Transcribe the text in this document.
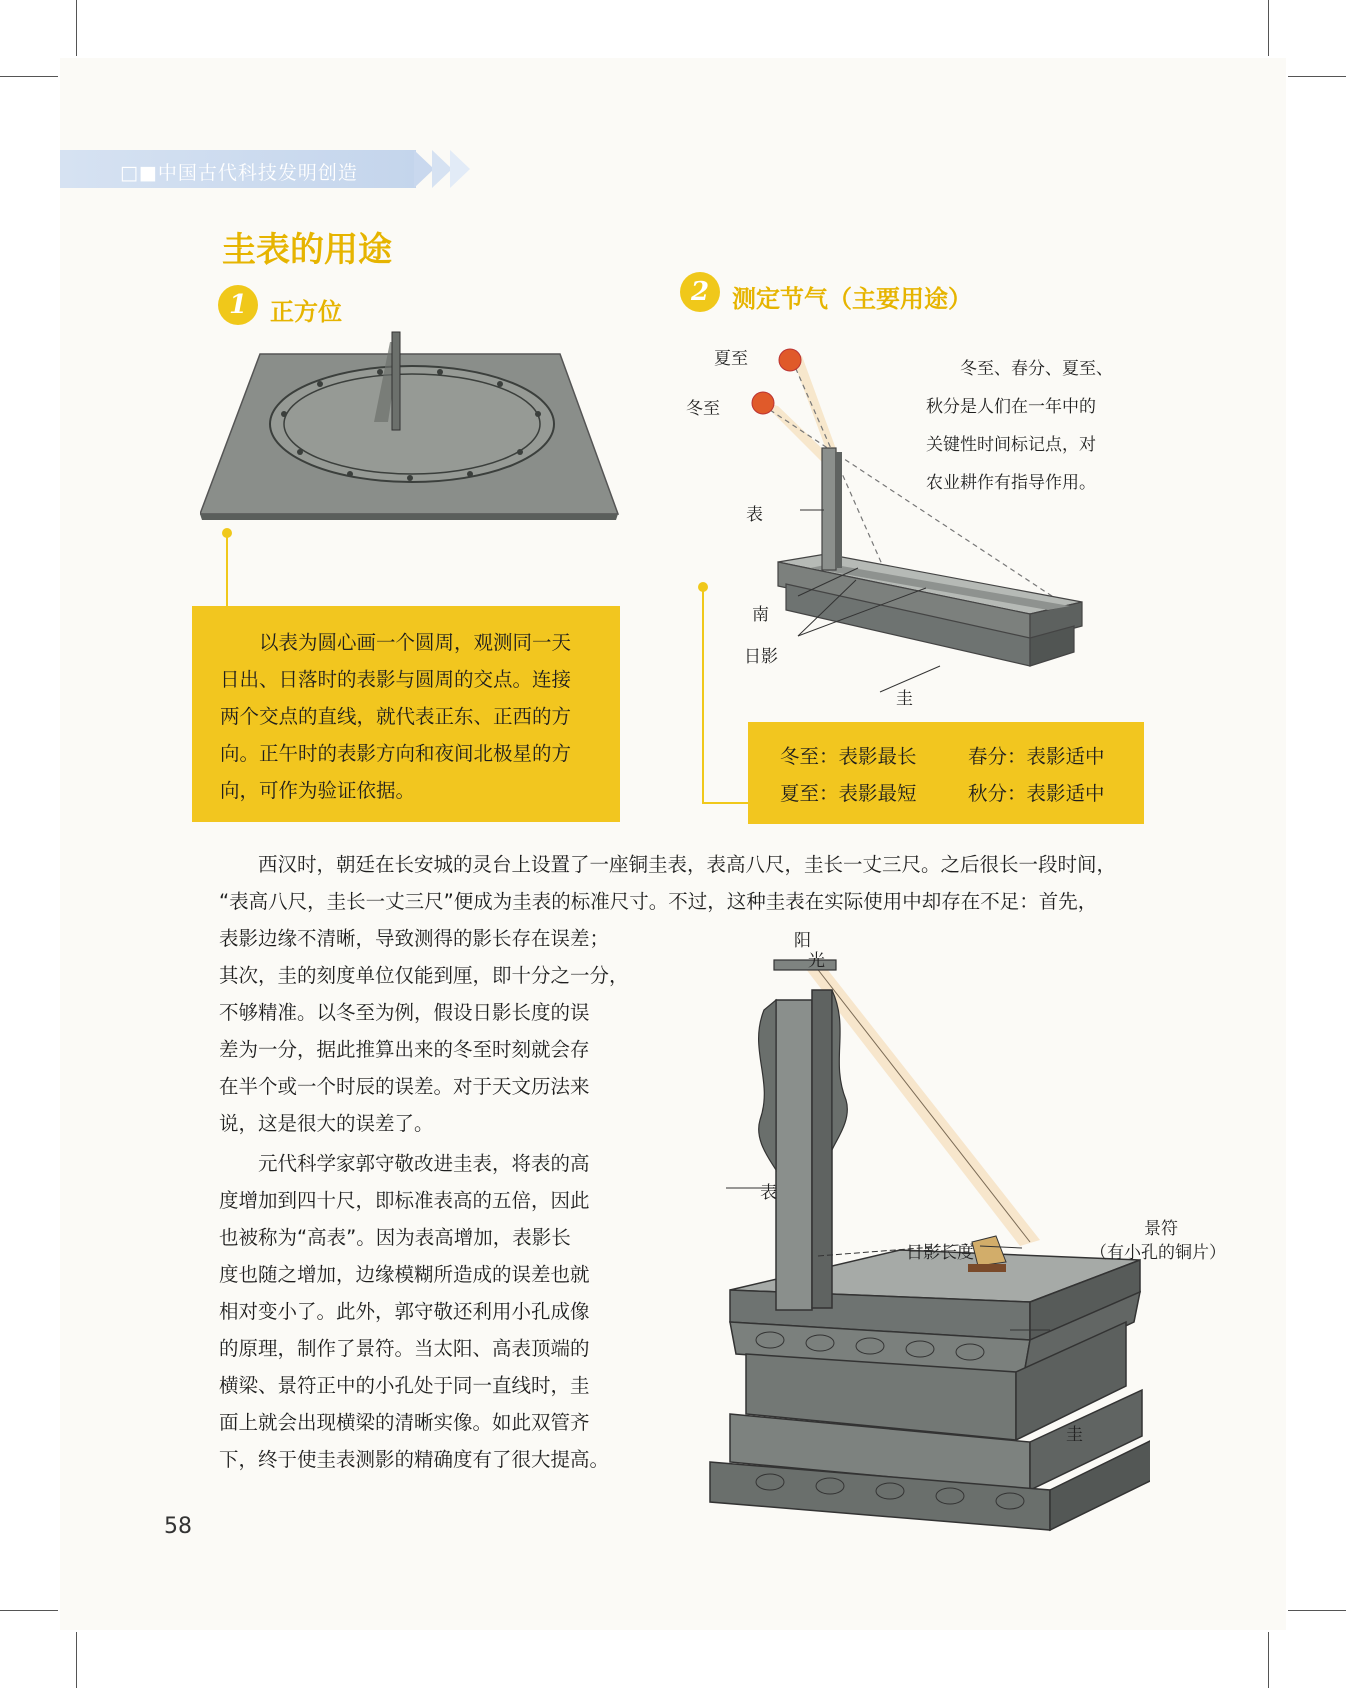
□■中国古代科技发明创造
圭表的用途
1 正方位
2 测定节气（主要用途）

以表为圆心画一个圆周，观测同一天

日出、日落时的表影与圆周的交点。连接

两个交点的直线，就代表正东、正西的方

向。正午时的表影方向和夜间北极星的方

向，可作为验证依据。

夏至
冬至
表
南
日影
圭

冬至、春分、夏至、

秋分是人们在一年中的

关键性时间标记点，对

农业耕作有指导作用。

冬至：表影最长	春分：表影适中
夏至：表影最短	秋分：表影适中

西汉时，朝廷在长安城的灵台上设置了一座铜圭表，表高八尺，圭长一丈三尺。之后很长一段时间，

“表高八尺，圭长一丈三尺”便成为圭表的标准尺寸。不过，这种圭表在实际使用中却存在不足：首先，

表影边缘不清晰，导致测得的影长存在误差；

其次，圭的刻度单位仅能到厘，即十分之一分，

不够精准。以冬至为例，假设日影长度的误

差为一分，据此推算出来的冬至时刻就会存

在半个或一个时辰的误差。对于天文历法来

说，这是很大的误差了。

元代科学家郭守敬改进圭表，将表的高

度增加到四十尺，即标准表高的五倍，因此

也被称为“高表”。因为表高增加，表影长

度也随之增加，边缘模糊所造成的误差也就

相对变小了。此外，郭守敬还利用小孔成像

的原理，制作了景符。当太阳、高表顶端的

横梁、景符正中的小孔处于同一直线时，圭

面上就会出现横梁的清晰实像。如此双管齐

下，终于使圭表测影的精确度有了很大提高。

阳
光
表
日影长度
景符
（有小孔的铜片）
圭
58
